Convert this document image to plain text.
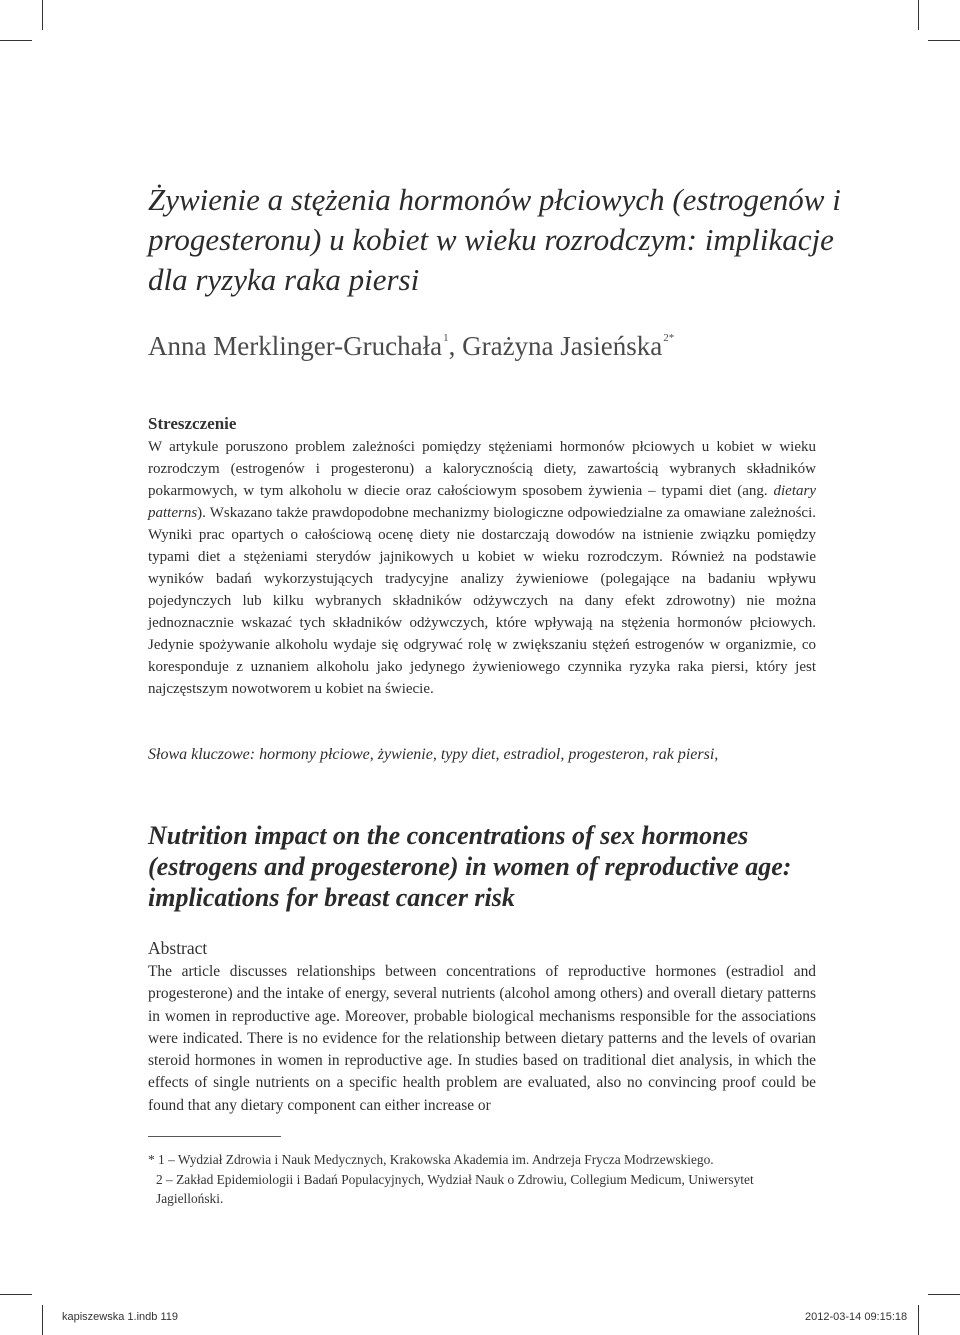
Żywienie a stężenia hormonów płciowych (estrogenów i progesteronu) u kobiet w wieku rozrodczym: implikacje dla ryzyka raka piersi

Anna Merklinger-Gruchała$^1$, Grażyna Jasieńska$^{2*}$

Streszczenie

W artykule poruszono problem zależności pomiędzy stężeniami hormonów płciowych u kobiet w wieku rozrodczym (estrogenów i progesteronu) a kalorycznością diety, zawartością wybranych składników pokarmowych, w tym alkoholu w diecie oraz całościowym sposobem żywienia – typami diet (ang. dietary patterns). Wskazano także prawdopodobne mechanizmy biologiczne odpowiedzialne za omawiane zależności. Wyniki prac opartych o całościową ocenę diety nie dostarczają dowodów na istnienie związku pomiędzy typami diet a stężeniami sterydów jajnikowych u kobiet w wieku rozrodczym. Również na podstawie wyników badań wykorzystujących tradycyjne analizy żywieniowe (polegające na badaniu wpływu pojedynczych lub kilku wybranych składników odżywczych na dany efekt zdrowotny) nie można jednoznacznie wskazać tych składników odżywczych, które wpływają na stężenia hormonów płciowych. Jedynie spożywanie alkoholu wydaje się odgrywać rolę w zwiększaniu stężeń estrogenów w organizmie, co koresponduje z uznaniem alkoholu jako jedynego żywieniowego czynnika ryzyka raka piersi, który jest najczęstszym nowotworem u kobiet na świecie.

Słowa kluczowe: hormony płciowe, żywienie, typy diet, estradiol, progesteron, rak piersi,

Nutrition impact on the concentrations of sex hormones (estrogens and progesterone) in women of reproductive age: implications for breast cancer risk
Abstract

The article discusses relationships between concentrations of reproductive hormones (estradiol and progesterone) and the intake of energy, several nutrients (alcohol among others) and overall dietary patterns in women in reproductive age. Moreover, probable biological mechanisms responsible for the associations were indicated. There is no evidence for the relationship between dietary patterns and the levels of ovarian steroid hormones in women in reproductive age. In studies based on traditional diet analysis, in which the effects of single nutrients on a specific health problem are evaluated, also no convincing proof could be found that any dietary component can either increase or

* 1 – Wydział Zdrowia i Nauk Medycznych, Krakowska Akademia im. Andrzeja Frycza Modrzewskiego.

2 – Zakład Epidemiologii i Badań Populacyjnych, Wydział Nauk o Zdrowiu, Collegium Medicum, Uniwersytet Jagielloński.

kapiszewska 1.indb 119	2012-03-14 09:15:18
